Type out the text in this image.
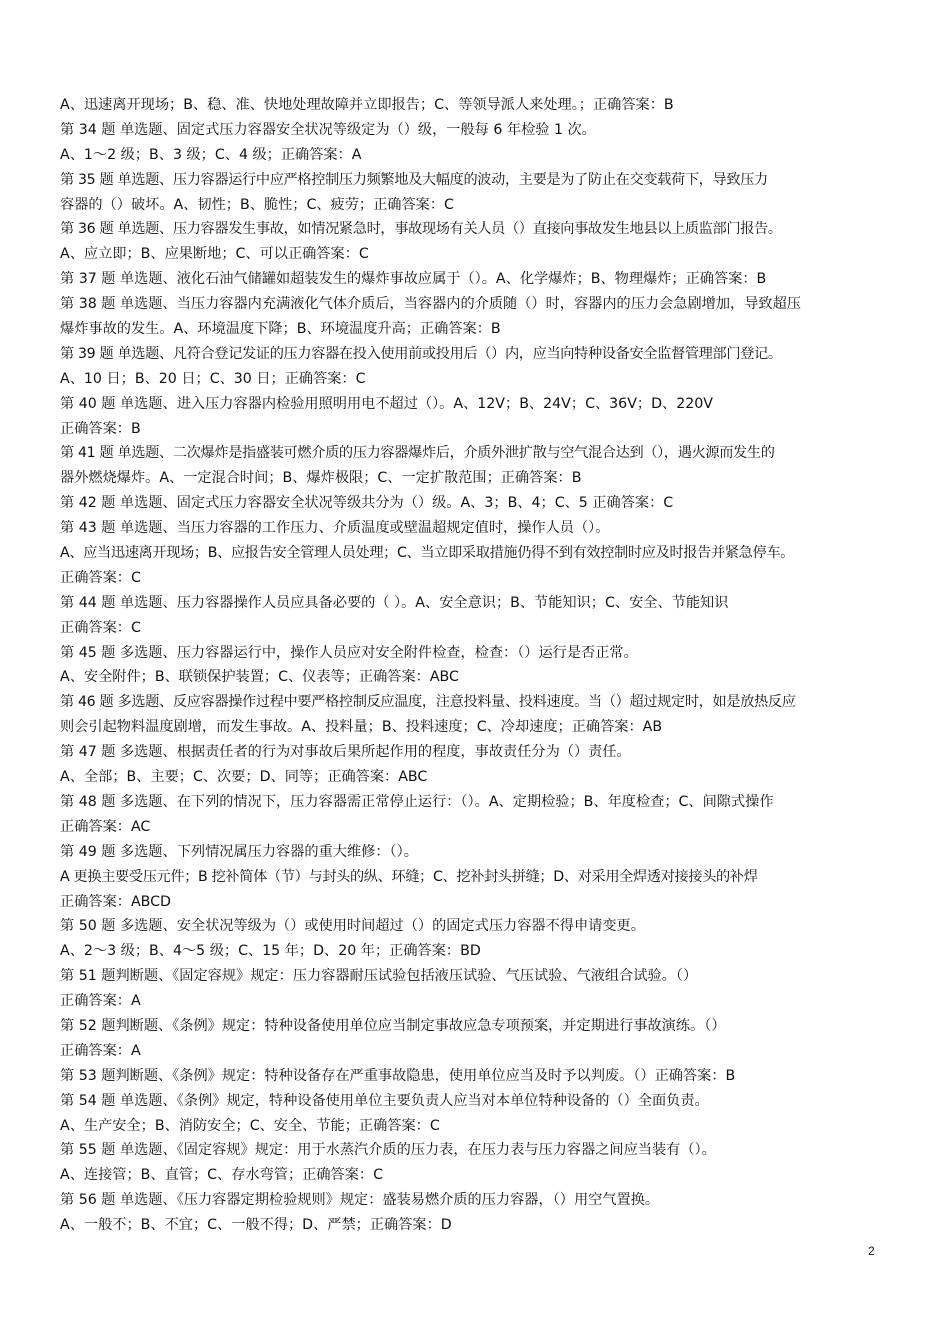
A、迅速离开现场；B、稳、准、快地处理故障并立即报告；C、等领导派人来处理。；正确答案：B
第 34 题 单选题、固定式压力容器安全状况等级定为（）级，一般每 6 年检验 1 次。
A、1～2 级；B、3 级；C、4 级；正确答案：A
第 35 题 单选题、压力容器运行中应严格控制压力频繁地及大幅度的波动，主要是为了防止在交变载荷下，导致压力
容器的（）破坏。A、韧性；B、脆性；C、疲劳；正确答案：C
第 36 题 单选题、压力容器发生事故，如情况紧急时，事故现场有关人员（）直接向事故发生地县以上质监部门报告。
A、应立即；B、应果断地；C、可以正确答案：C
第 37 题 单选题、液化石油气储罐如超装发生的爆炸事故应属于（）。A、化学爆炸；B、物理爆炸；正确答案：B
第 38 题 单选题、当压力容器内充满液化气体介质后，当容器内的介质随（）时，容器内的压力会急剧增加，导致超压
爆炸事故的发生。A、环境温度下降；B、环境温度升高；正确答案：B
第 39 题 单选题、凡符合登记发证的压力容器在投入使用前或投用后（）内，应当向特种设备安全监督管理部门登记。
A、10 日；B、20 日；C、30 日；正确答案：C
第 40 题 单选题、进入压力容器内检验用照明用电不超过（）。A、12V；B、24V；C、36V；D、220V
正确答案：B
第 41 题 单选题、二次爆炸是指盛装可燃介质的压力容器爆炸后，介质外泄扩散与空气混合达到（），遇火源而发生的
器外燃烧爆炸。A、一定混合时间；B、爆炸极限；C、一定扩散范围；正确答案：B
第 42 题 单选题、固定式压力容器安全状况等级共分为（）级。A、3；B、4；C、5 正确答案：C
第 43 题 单选题、当压力容器的工作压力、介质温度或壁温超规定值时，操作人员（）。
A、应当迅速离开现场；B、应报告安全管理人员处理；C、当立即采取措施仍得不到有效控制时应及时报告并紧急停车。
正确答案：C
第 44 题 单选题、压力容器操作人员应具备必要的（ ）。A、安全意识；B、节能知识；C、安全、节能知识
正确答案：C
第 45 题 多选题、压力容器运行中，操作人员应对安全附件检查，检查：（）运行是否正常。
A、安全附件；B、联锁保护装置；C、仪表等；正确答案：ABC
第 46 题 多选题、反应容器操作过程中要严格控制反应温度，注意投料量、投料速度。当（）超过规定时，如是放热反应
则会引起物料温度剧增，而发生事故。A、投料量；B、投料速度；C、冷却速度；正确答案：AB
第 47 题 多选题、根据责任者的行为对事故后果所起作用的程度，事故责任分为（）责任。
A、全部；B、主要；C、次要；D、同等；正确答案：ABC
第 48 题 多选题、在下列的情况下，压力容器需正常停止运行：（）。A、定期检验；B、年度检查；C、间隙式操作
正确答案：AC
第 49 题 多选题、下列情况属压力容器的重大维修：（）。
A 更换主要受压元件；B 挖补简体（节）与封头的纵、环缝；C、挖补封头拼缝；D、对采用全焊透对接接头的补焊
正确答案：ABCD
第 50 题 多选题、安全状况等级为（）或使用时间超过（）的固定式压力容器不得申请变更。
A、2～3 级；B、4～5 级；C、15 年；D、20 年；正确答案：BD
第 51 题判断题、《固定容规》规定：压力容器耐压试验包括液压试验、气压试验、气液组合试验。（）
正确答案：A
第 52 题判断题、《条例》规定：特种设备使用单位应当制定事故应急专项预案，并定期进行事故演练。（）
正确答案：A
第 53 题判断题、《条例》规定：特种设备存在严重事故隐患，使用单位应当及时予以判废。（）正确答案：B
第 54 题 单选题、《条例》规定，特种设备使用单位主要负责人应当对本单位特种设备的（）全面负责。
A、生产安全；B、消防安全；C、安全、节能；正确答案：C
第 55 题 单选题、《固定容规》规定：用于水蒸汽介质的压力表，在压力表与压力容器之间应当装有（）。
A、连接管；B、直管；C、存水弯管；正确答案：C
第 56 题 单选题、《压力容器定期检验规则》规定：盛装易燃介质的压力容器，（）用空气置换。
A、一般不；B、不宜；C、一般不得；D、严禁；正确答案：D
2
